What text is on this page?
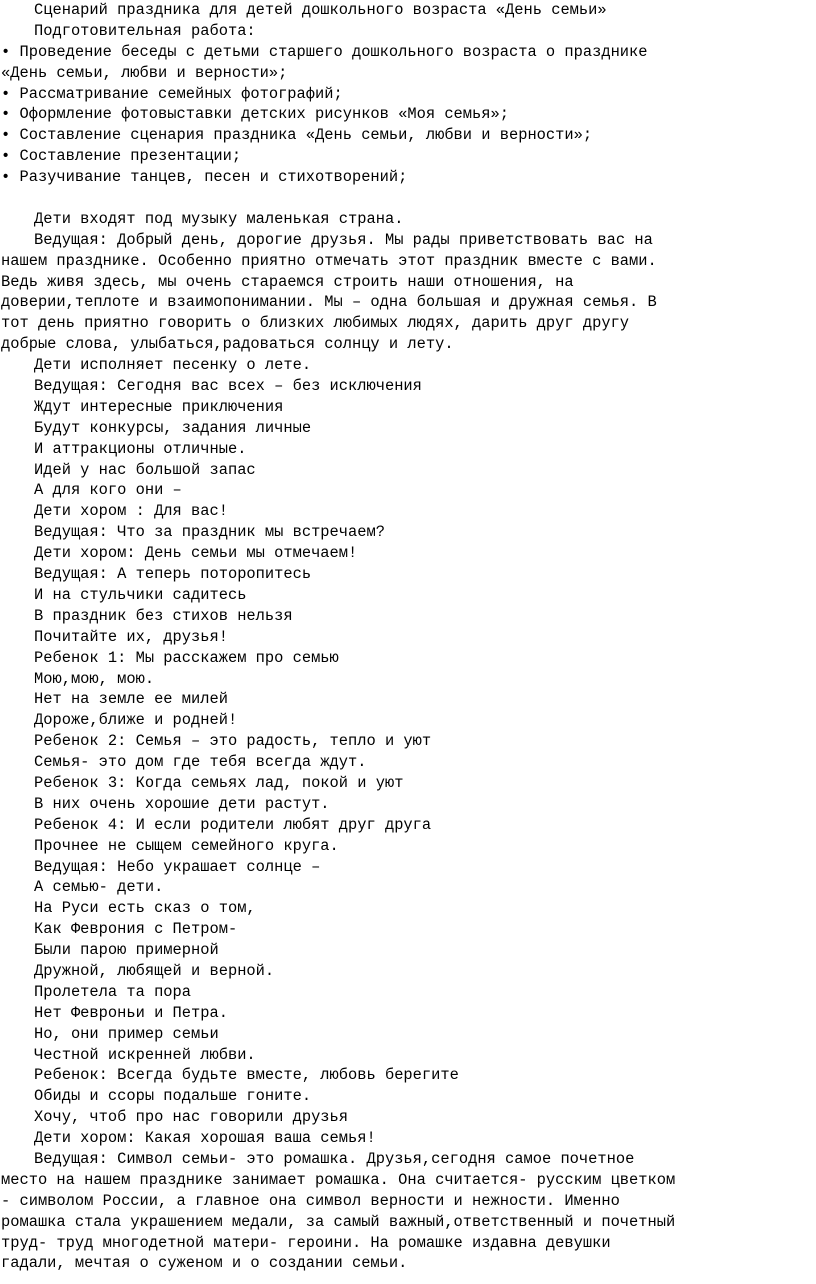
Сценарий праздника для детей дошкольного возраста «День семьи»
Подготовительная работа:
• Проведение беседы с детьми старшего дошкольного возраста о празднике
«День семьи, любви и верности»;
• Рассматривание семейных фотографий;
• Оформление фотовыставки детских рисунков «Моя семья»;
• Составление сценария праздника «День семьи, любви и верности»;
• Составление презентации;
• Разучивание танцев, песен и стихотворений;
Дети входят под музыку маленькая страна.
Ведущая: Добрый день, дорогие друзья. Мы рады приветствовать вас на
нашем празднике. Особенно приятно отмечать этот праздник вместе с вами.
Ведь живя здесь, мы очень стараемся строить наши отношения, на
доверии,теплоте и взаимопонимании. Мы – одна большая и дружная семья. В
тот день приятно говорить о близких любимых людях, дарить друг другу
добрые слова, улыбаться,радоваться солнцу и лету.
Дети исполняет песенку о лете.
Ведущая: Сегодня вас всех – без исключения
Ждут интересные приключения
Будут конкурсы, задания личные
И аттракционы отличные.
Идей у нас большой запас
А для кого они –
Дети хором : Для вас!
Ведущая: Что за праздник мы встречаем?
Дети хором: День семьи мы отмечаем!
Ведущая: А теперь поторопитесь
И на стульчики садитесь
В праздник без стихов нельзя
Почитайте их, друзья!
Ребенок 1: Мы расскажем про семью
Мою,мою, мою.
Нет на земле ее милей
Дороже,ближе и родней!
Ребенок 2: Семья – это радость, тепло и уют
Семья- это дом где тебя всегда ждут.
Ребенок 3: Когда семьях лад, покой и уют
В них очень хорошие дети растут.
Ребенок 4: И если родители любят друг друга
Прочнее не сыщем семейного круга.
Ведущая: Небо украшает солнце –
А семью- дети.
На Руси есть сказ о том,
Как Феврония с Петром-
Были парою примерной
Дружной, любящей и верной.
Пролетела та пора
Нет Февроньи и Петра.
Но, они пример семьи
Честной искренней любви.
Ребенок: Всегда будьте вместе, любовь берегите
Обиды и ссоры подальше гоните.
Хочу, чтоб про нас говорили друзья
Дети хором: Какая хорошая ваша семья!
Ведущая: Символ семьи- это ромашка. Друзья,сегодня самое почетное
место на нашем празднике занимает ромашка. Она считается- русским цветком
- символом России, а главное она символ верности и нежности. Именно
ромашка стала украшением медали, за самый важный,ответственный и почетный
труд- труд многодетной матери- героини. На ромашке издавна девушки
гадали, мечтая о суженом и о создании семьи.
